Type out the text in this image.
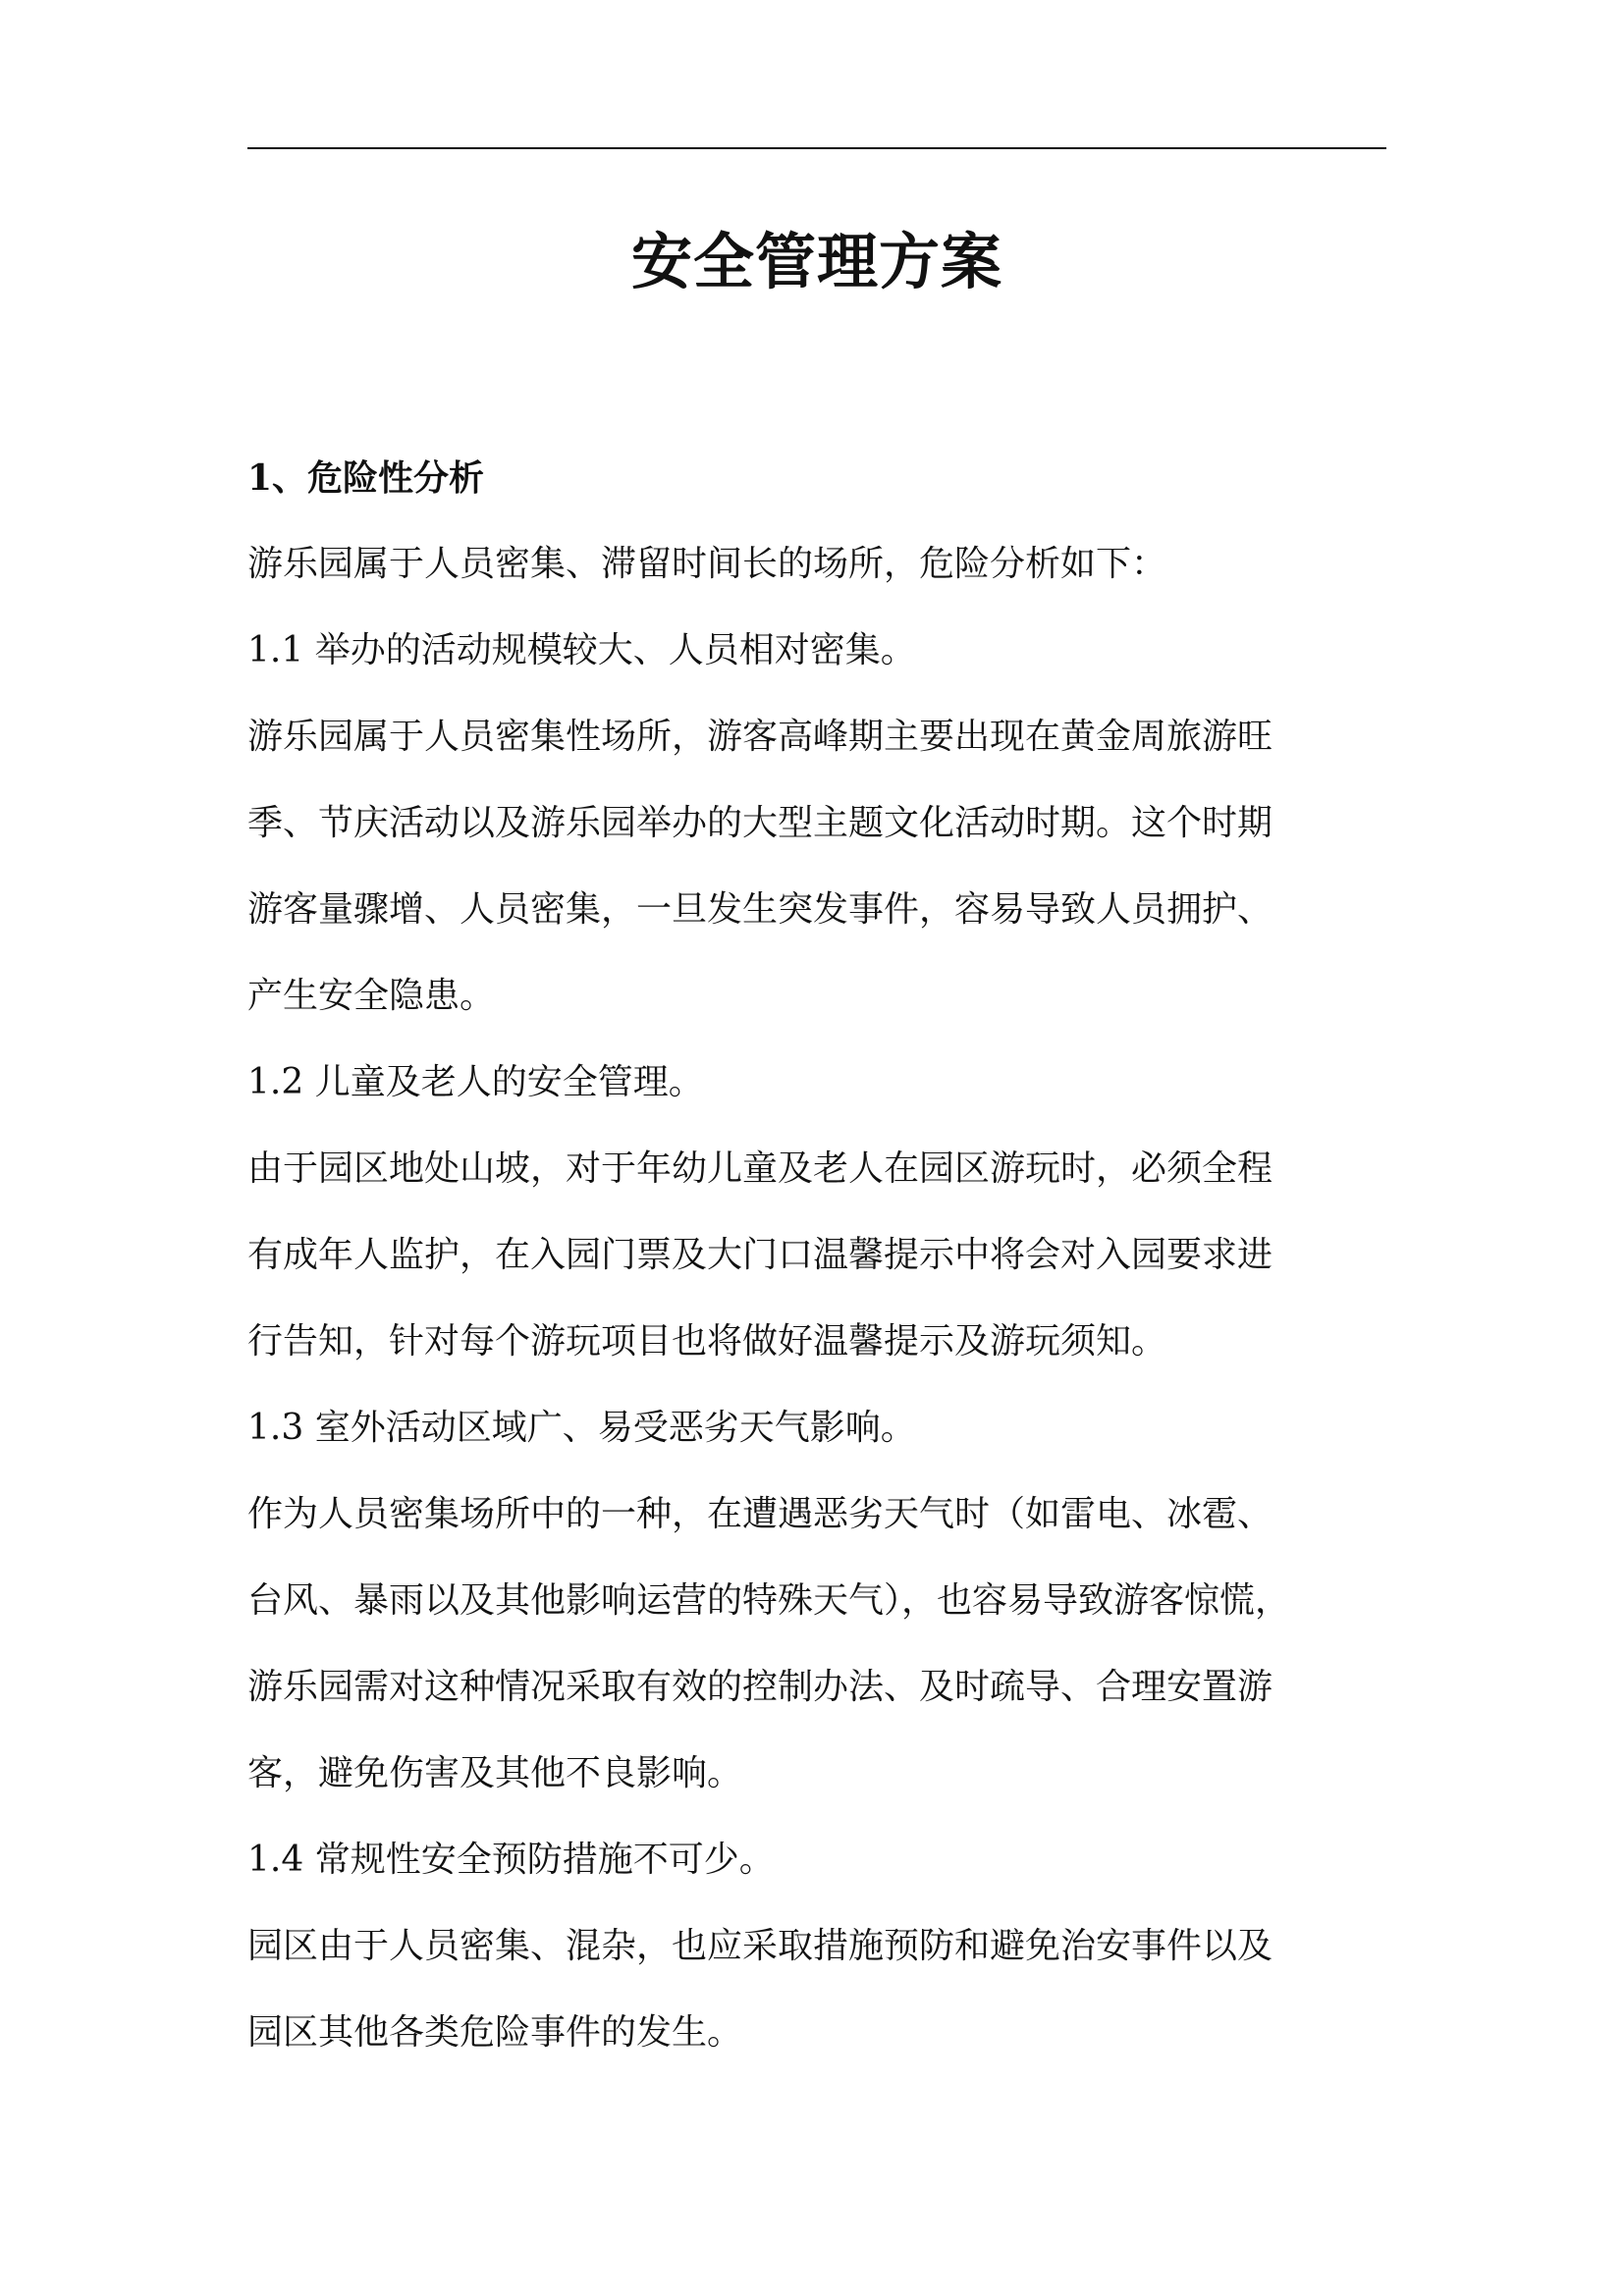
安全管理方案

1、危险性分析

游乐园属于人员密集、滞留时间长的场所，危险分析如下：

1.1 举办的活动规模较大、人员相对密集。

游乐园属于人员密集性场所，游客高峰期主要出现在黄金周旅游旺

季、节庆活动以及游乐园举办的大型主题文化活动时期。这个时期

游客量骤增、人员密集，一旦发生突发事件，容易导致人员拥护、

产生安全隐患。

1.2 儿童及老人的安全管理。

由于园区地处山坡，对于年幼儿童及老人在园区游玩时，必须全程

有成年人监护，在入园门票及大门口温馨提示中将会对入园要求进

行告知，针对每个游玩项目也将做好温馨提示及游玩须知。

1.3 室外活动区域广、易受恶劣天气影响。

作为人员密集场所中的一种，在遭遇恶劣天气时（如雷电、冰雹、

台风、暴雨以及其他影响运营的特殊天气），也容易导致游客惊慌，

游乐园需对这种情况采取有效的控制办法、及时疏导、合理安置游

客，避免伤害及其他不良影响。

1.4 常规性安全预防措施不可少。

园区由于人员密集、混杂，也应采取措施预防和避免治安事件以及

园区其他各类危险事件的发生。
